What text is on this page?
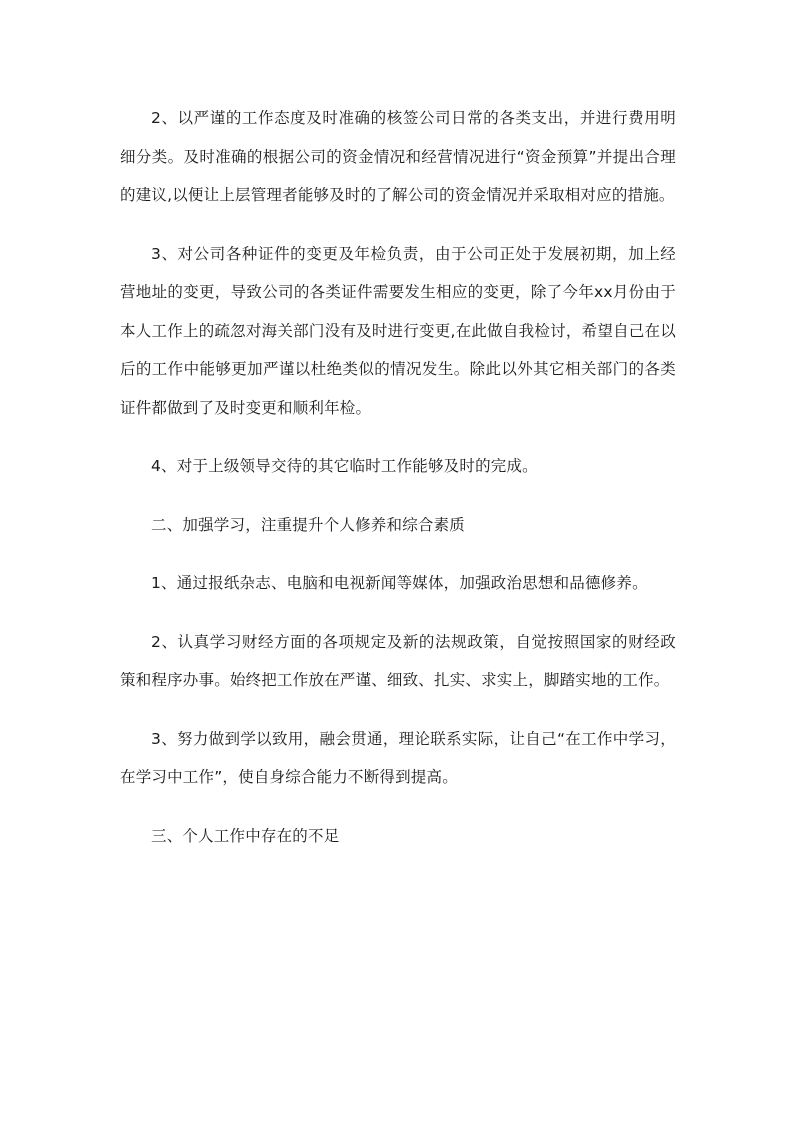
2、以严谨的工作态度及时准确的核签公司日常的各类支出，并进行费用明细分类。及时准确的根据公司的资金情况和经营情况进行“资金预算”并提出合理的建议,以便让上层管理者能够及时的了解公司的资金情况并采取相对应的措施。

3、对公司各种证件的变更及年检负责，由于公司正处于发展初期，加上经营地址的变更，导致公司的各类证件需要发生相应的变更，除了今年xx月份由于本人工作上的疏忽对海关部门没有及时进行变更,在此做自我检讨，希望自己在以后的工作中能够更加严谨以杜绝类似的情况发生。除此以外其它相关部门的各类证件都做到了及时变更和顺利年检。

4、对于上级领导交待的其它临时工作能够及时的完成。

二、加强学习，注重提升个人修养和综合素质

1、通过报纸杂志、电脑和电视新闻等媒体，加强政治思想和品德修养。

2、认真学习财经方面的各项规定及新的法规政策，自觉按照国家的财经政策和程序办事。始终把工作放在严谨、细致、扎实、求实上，脚踏实地的工作。

3、努力做到学以致用，融会贯通，理论联系实际，让自己“在工作中学习，在学习中工作”，使自身综合能力不断得到提高。

三、个人工作中存在的不足
